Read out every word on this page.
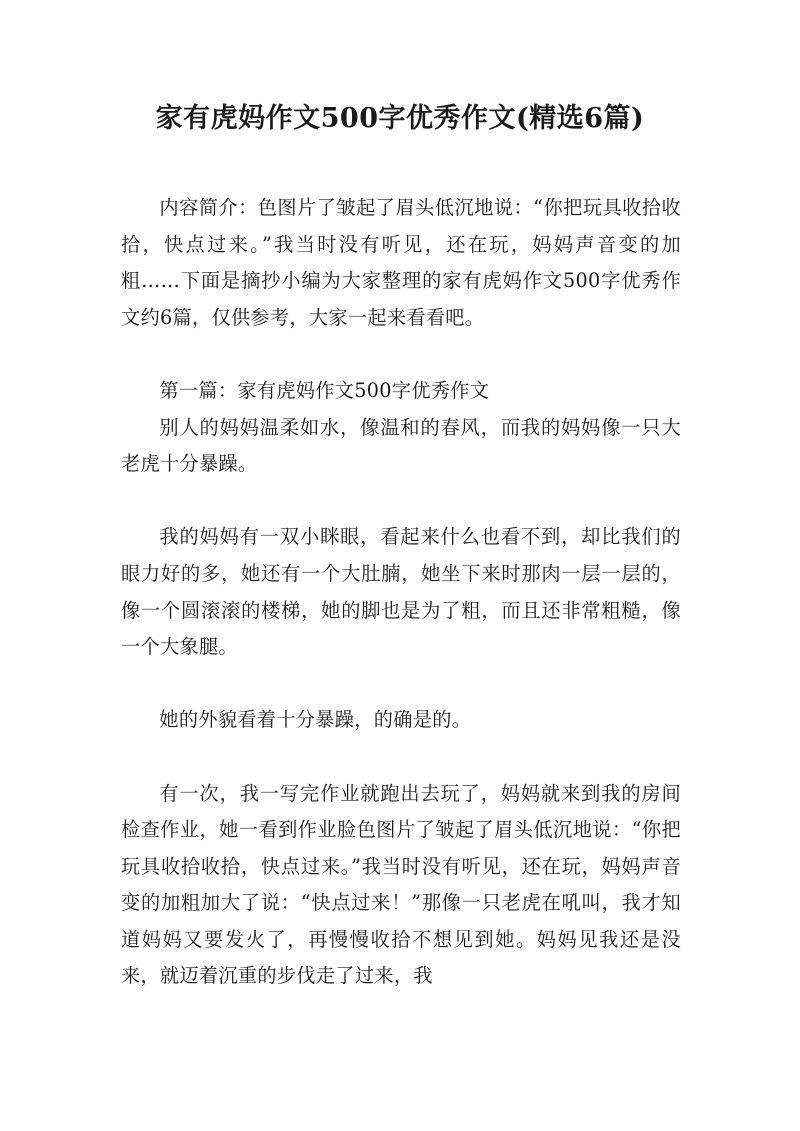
家有虎妈作文500字优秀作文(精选6篇)

内容简介：色图片了皱起了眉头低沉地说：“你把玩具收拾收拾，快点过来。”我当时没有听见，还在玩，妈妈声音变的加粗……下面是摘抄小编为大家整理的家有虎妈作文500字优秀作文约6篇，仅供参考，大家一起来看看吧。

第一篇：家有虎妈作文500字优秀作文

别人的妈妈温柔如水，像温和的春风，而我的妈妈像一只大老虎十分暴躁。

我的妈妈有一双小眯眼，看起来什么也看不到，却比我们的眼力好的多，她还有一个大肚腩，她坐下来时那肉一层一层的，像一个圆滚滚的楼梯，她的脚也是为了粗，而且还非常粗糙，像一个大象腿。

她的外貌看着十分暴躁，的确是的。

有一次，我一写完作业就跑出去玩了，妈妈就来到我的房间检查作业，她一看到作业脸色图片了皱起了眉头低沉地说：“你把玩具收拾收拾，快点过来。”我当时没有听见，还在玩，妈妈声音变的加粗加大了说：“快点过来！”那像一只老虎在吼叫，我才知道妈妈又要发火了，再慢慢收拾不想见到她。妈妈见我还是没来，就迈着沉重的步伐走了过来，我
